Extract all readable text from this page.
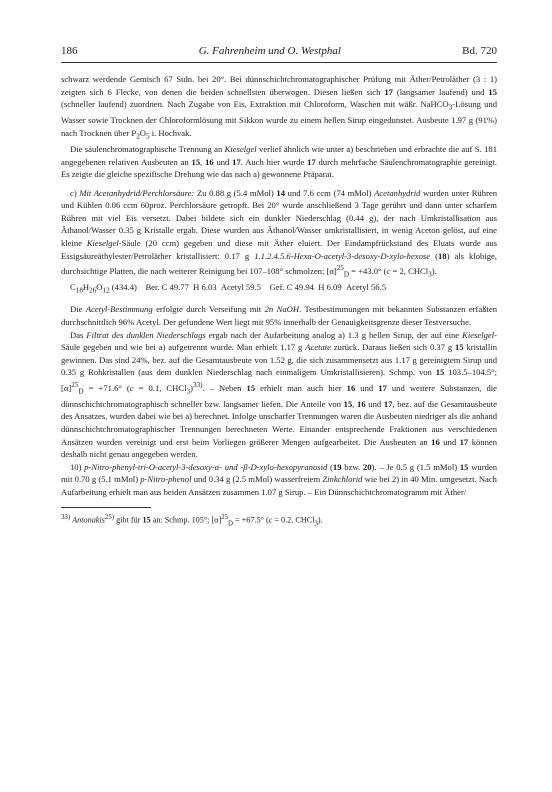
186	G. Fahrenheim und O. Westphal	Bd. 720

schwarz werdende Gemisch 67 Stdn. bei 20°. Bei dünnschichtchromatographischer Prüfung mit Äther/Petroläther (3 : 1) zeigten sich 6 Flecke, von denen die beiden schnellsten überwogen. Diesen ließen sich 17 (langsamer laufend) und 15 (schneller laufend) zuordnen. Nach Zugabe von Eis, Extraktion mit Chloroform, Waschen mit wäßr. NaHCO$_3$-Lösung und Wasser sowie Trocknen der Chloroformlösung mit Sikkon wurde zu einem hellen Sirup eingedunstet. Ausbeute 1.97 g (91%) nach Trocknen über $P_2O_5$ i. Hochvak.

Die säulenchromatographische Trennung an Kieselgel verlief ähnlich wie unter a) beschrieben und erbrachte die auf S. 181 angegebenen relativen Ausbeuten an 15, 16 und 17. Auch hier wurde 17 durch mehrfache Säulenchromatographie gereinigt. Es zeigte die gleiche spezifische Drehung wie das nach a) gewonnene Präparat.

c) Mit Acetanhydrid/Perchlorsäure: Zu 0.88 g (5.4 mMol) 14 und 7.6 ccm (74 mMol) Acetanhydrid wurden unter Rühren und Kühlen 0.06 ccm 60proz. Perchlorsäure getropft. Bei 20° wurde anschließend 3 Tage gerührt und dann unter scharfem Rühren mit viel Eis versetzt. Dabei bildete sich ein dunkler Niederschlag (0.44 g), der nach Umkristallisation aus Äthanol/Wasser 0.35 g Kristalle ergab. Diese wurden aus Äthanol/Wasser umkristallisiert, in wenig Aceton gelöst, auf eine kleine Kieselgel-Säule (20 ccm) gegeben und diese mit Äther eluiert. Der Eindampfrückstand des Eluats wurde aus Essigsäureäthylester/Petroläther kristallisiert: 0.17 g 1.1.2.4.5.6-Hexa-O-acetyl-3-desoxy-D-xylo-hexose (18) als klobige, durchsichtige Platten, die nach weiterer Reinigung bei 107–108° schmolzen; $[\alpha]^{25}_D = +43.0^\circ$ (c = 2, CHCl$_3$).

$C_{18}H_{26}O_{12}$ (434.4)    Ber. C 49.77  H 6.03  Acetyl 59.5    Gef. C 49.94  H 6.09  Acetyl 56.5

Die Acetyl-Bestimmung erfolgte durch Verseifung mit 2n NaOH. Testbestimmungen mit bekannten Substanzen erfaßten durchschnittlich 96% Acetyl. Der gefundene Wert liegt mit 95% innerhalb der Genauigkeitsgrenze dieser Testversuche.

Das Filtrat des dunklen Niederschlags ergab nach der Aufarbeitung analog a) 1.3 g hellen Sirup, der auf eine Kieselgel-Säule gegeben und wie bei a) aufgetrennt wurde. Man erhielt 1.17 g Acetate zurück. Daraus ließen sich 0.37 g 15 kristallin gewinnen. Das sind 24%, bez. auf die Gesamtausbeute von 1.52 g, die sich zusammensetzt aus 1.17 g gereinigtem Sirup und 0.35 g Rohkristallen (aus dem dunklen Niederschlag nach einmaligem Umkristallisieren). Schmp. von 15 103.5–104.5°; $[\alpha]^{25}_D = +71.6^\circ$ (c = 0.1, CHCl$_3$)$^{33)}$. – Neben 15 erhielt man auch hier 16 und 17 und weitere Substanzen, die dünnschichtchromatographisch schneller bzw. langsamer liefen. Die Anteile von 15, 16 und 17, bez. auf die Gesamtausbeute des Ansatzes, wurden dabei wie bei a) berechnet. Infolge unscharfer Trennungen waren die Ausbeuten niedriger als die anhand dünnschichtchromatographischer Trennungen berechneten Werte. Einander entsprechende Fraktionen aus verschiedenen Ansätzen wurden vereinigt und erst beim Vorliegen größerer Mengen aufgearbeitet. Die Ausbeuten an 16 und 17 können deshalb nicht genau angegeben werden.

10) p-Nitro-phenyl-tri-O-acetyl-3-desoxy-α- und -β-D-xylo-hexopyranosid (19 bzw. 20). – Je 0.5 g (1.5 mMol) 15 wurden mit 0.70 g (5.1 mMol) p-Nitro-phenol und 0.34 g (2.5 mMol) wasserfreiem Zinkchlorid wie bei 2) in 40 Min. umgesetzt. Nach Aufarbeitung erhielt man aus beiden Ansätzen zusammen 1.07 g Sirup. – Ein Dünnschichtchromatogramm mit Äther/

$^{33)}$ Antonakis$^{25)}$ gibt für 15 an: Schmp. 105°; $[\alpha]^{25}_D = +67.5^\circ$ (c = 0.2, CHCl$_3$).
